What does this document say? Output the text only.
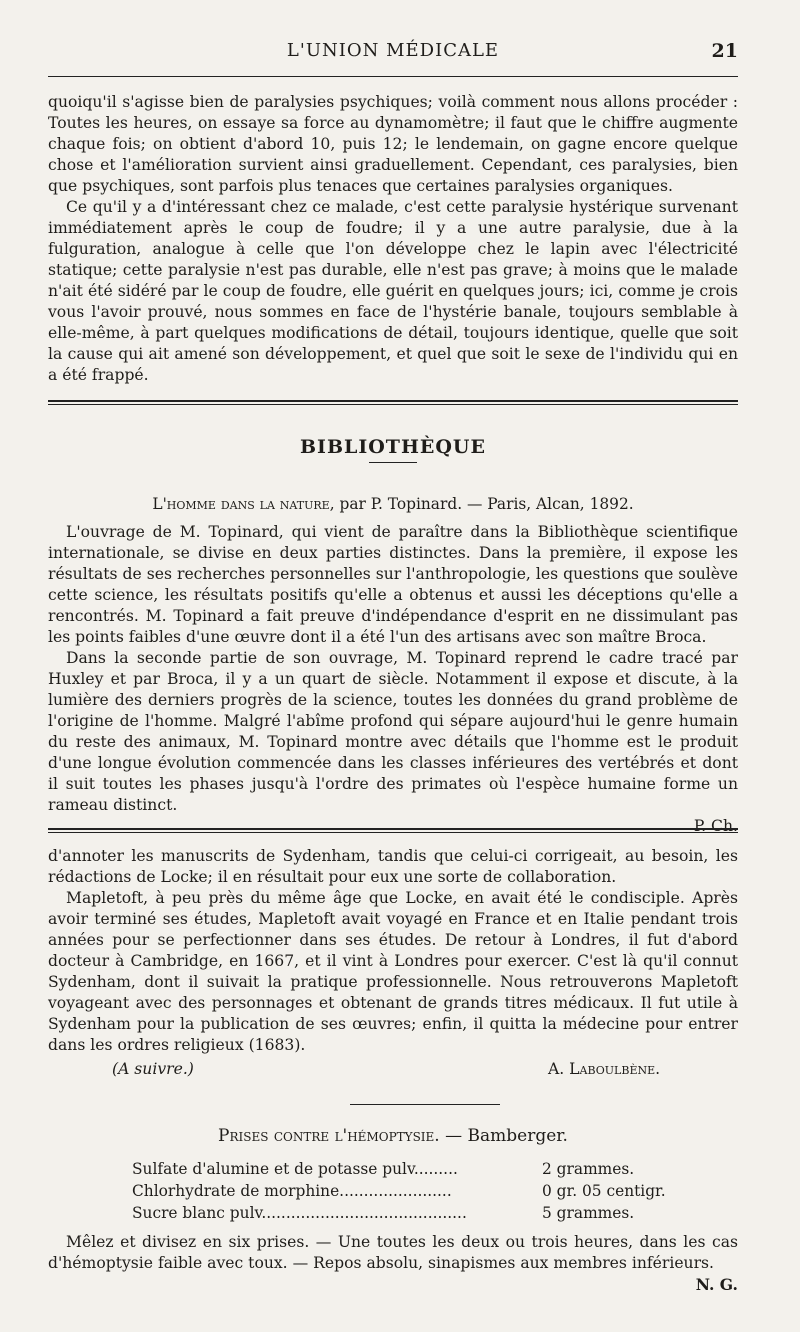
L'UNION MÉDICALE	21

quoiqu'il s'agisse bien de paralysies psychiques; voilà comment nous allons procéder : Toutes les heures, on essaye sa force au dynamomètre; il faut que le chiffre augmente chaque fois; on obtient d'abord 10, puis 12; le lendemain, on gagne encore quelque chose et l'amélioration survient ainsi graduellement. Cependant, ces paralysies, bien que psychiques, sont parfois plus tenaces que certaines paralysies organiques.

Ce qu'il y a d'intéressant chez ce malade, c'est cette paralysie hystérique survenant immédiatement après le coup de foudre; il y a une autre paralysie, due à la fulguration, analogue à celle que l'on développe chez le lapin avec l'électricité statique; cette paralysie n'est pas durable, elle n'est pas grave; à moins que le malade n'ait été sidéré par le coup de foudre, elle guérit en quelques jours; ici, comme je crois vous l'avoir prouvé, nous sommes en face de l'hystérie banale, toujours semblable à elle-même, à part quelques modifications de détail, toujours identique, quelle que soit la cause qui ait amené son développement, et quel que soit le sexe de l'individu qui en a été frappé.

BIBLIOTHÈQUE
L'homme dans la nature, par P. Topinard. — Paris, Alcan, 1892.

L'ouvrage de M. Topinard, qui vient de paraître dans la Bibliothèque scientifique internationale, se divise en deux parties distinctes. Dans la première, il expose les résultats de ses recherches personnelles sur l'anthropologie, les questions que soulève cette science, les résultats positifs qu'elle a obtenus et aussi les déceptions qu'elle a rencontrés. M. Topinard a fait preuve d'indépendance d'esprit en ne dissimulant pas les points faibles d'une œuvre dont il a été l'un des artisans avec son maître Broca.

Dans la seconde partie de son ouvrage, M. Topinard reprend le cadre tracé par Huxley et par Broca, il y a un quart de siècle. Notamment il expose et discute, à la lumière des derniers progrès de la science, toutes les données du grand problème de l'origine de l'homme. Malgré l'abîme profond qui sépare aujourd'hui le genre humain du reste des animaux, M. Topinard montre avec détails que l'homme est le produit d'une longue évolution commencée dans les classes inférieures des vertébrés et dont il suit toutes les phases jusqu'à l'ordre des primates où l'espèce humaine forme un rameau distinct.

P. Ch.

d'annoter les manuscrits de Sydenham, tandis que celui-ci corrigeait, au besoin, les rédactions de Locke; il en résultait pour eux une sorte de collaboration.

Mapletoft, à peu près du même âge que Locke, en avait été le condisciple. Après avoir terminé ses études, Mapletoft avait voyagé en France et en Italie pendant trois années pour se perfectionner dans ses études. De retour à Londres, il fut d'abord docteur à Cambridge, en 1667, et il vint à Londres pour exercer. C'est là qu'il connut Sydenham, dont il suivait la pratique professionnelle. Nous retrouverons Mapletoft voyageant avec des personnages et obtenant de grands titres médicaux. Il fut utile à Sydenham pour la publication de ses œuvres; enfin, il quitta la médecine pour entrer dans les ordres religieux (1683).

(A suivre.)	A. Laboulbène.
Prises contre l'hémoptysie. — Bamberger.
Sulfate d'alumine et de potasse pulv.........	2 grammes.
Chlorhydrate de morphine.......................	0 gr. 05 centigr.
Sucre blanc pulv..........................................	5 grammes.

Mêlez et divisez en six prises. — Une toutes les deux ou trois heures, dans les cas d'hémoptysie faible avec toux. — Repos absolu, sinapismes aux membres inférieurs.

N. G.
